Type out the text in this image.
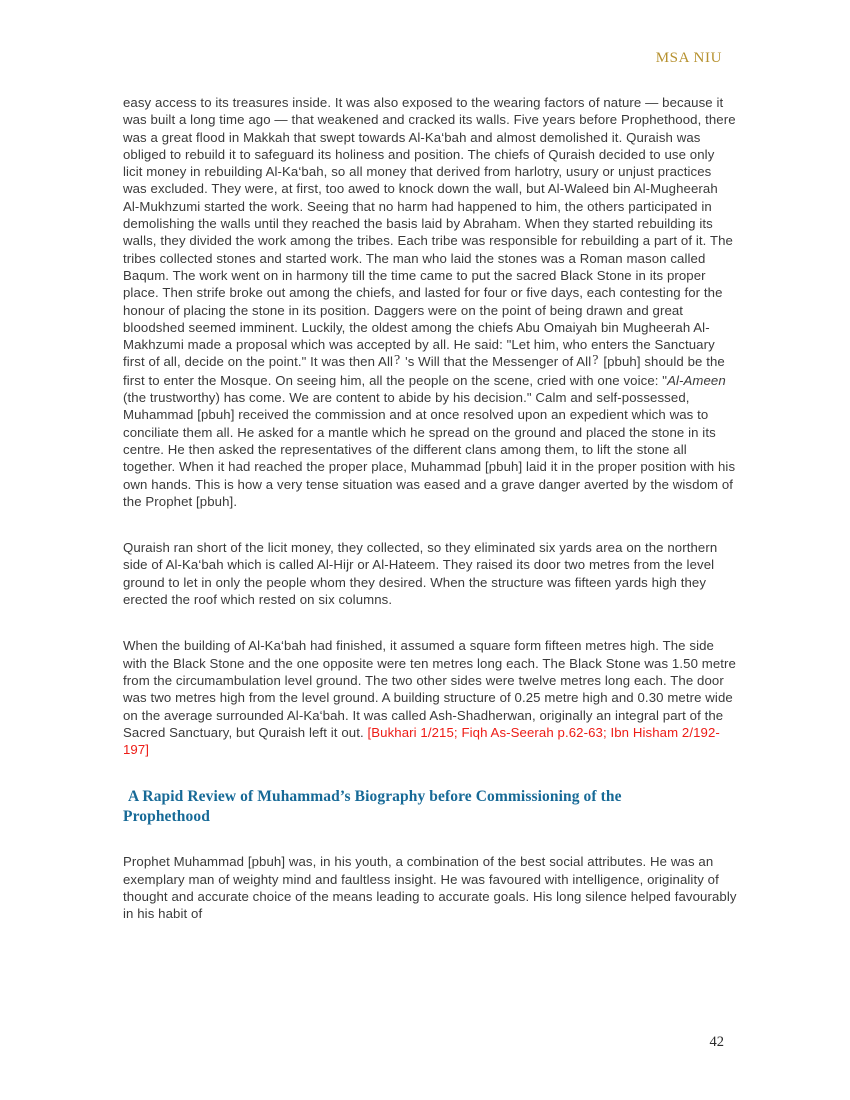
MSA NIU

easy access to its treasures inside. It was also exposed to the wearing factors of nature — because it was built a long time ago — that weakened and cracked its walls. Five years before Prophethood, there was a great flood in Makkah that swept towards Al-Ka‘bah and almost demolished it. Quraish was obliged to rebuild it to safeguard its holiness and position. The chiefs of Quraish decided to use only licit money in rebuilding Al-Ka‘bah, so all money that derived from harlotry, usury or unjust practices was excluded. They were, at first, too awed to knock down the wall, but Al-Waleed bin Al-Mugheerah Al-Mukhzumi started the work. Seeing that no harm had happened to him, the others participated in demolishing the walls until they reached the basis laid by Abraham. When they started rebuilding its walls, they divided the work among the tribes. Each tribe was responsible for rebuilding a part of it. The tribes collected stones and started work. The man who laid the stones was a Roman mason called Baqum. The work went on in harmony till the time came to put the sacred Black Stone in its proper place. Then strife broke out among the chiefs, and lasted for four or five days, each contesting for the honour of placing the stone in its position. Daggers were on the point of being drawn and great bloodshed seemed imminent. Luckily, the oldest among the chiefs Abu Omaiyah bin Mugheerah Al-Makhzumi made a proposal which was accepted by all. He said: "Let him, who enters the Sanctuary first of all, decide on the point." It was then All? 's Will that the Messenger of All? [pbuh] should be the first to enter the Mosque. On seeing him, all the people on the scene, cried with one voice: "Al-Ameen (the trustworthy) has come. We are content to abide by his decision." Calm and self-possessed, Muhammad [pbuh] received the commission and at once resolved upon an expedient which was to conciliate them all. He asked for a mantle which he spread on the ground and placed the stone in its centre. He then asked the representatives of the different clans among them, to lift the stone all together. When it had reached the proper place, Muhammad [pbuh] laid it in the proper position with his own hands. This is how a very tense situation was eased and a grave danger averted by the wisdom of the Prophet [pbuh].

Quraish ran short of the licit money, they collected, so they eliminated six yards area on the northern side of Al-Ka‘bah which is called Al-Hijr or Al-Hateem. They raised its door two metres from the level ground to let in only the people whom they desired. When the structure was fifteen yards high they erected the roof which rested on six columns.

When the building of Al-Ka‘bah had finished, it assumed a square form fifteen metres high. The side with the Black Stone and the one opposite were ten metres long each. The Black Stone was 1.50 metre from the circumambulation level ground. The two other sides were twelve metres long each. The door was two metres high from the level ground. A building structure of 0.25 metre high and 0.30 metre wide on the average surrounded Al-Ka‘bah. It was called Ash-Shadherwan, originally an integral part of the Sacred Sanctuary, but Quraish left it out. [Bukhari 1/215; Fiqh As-Seerah p.62-63; Ibn Hisham 2/192-197]

A Rapid Review of Muhammad’s Biography before Commissioning of the Prophethood

Prophet Muhammad [pbuh] was, in his youth, a combination of the best social attributes. He was an exemplary man of weighty mind and faultless insight. He was favoured with intelligence, originality of thought and accurate choice of the means leading to accurate goals. His long silence helped favourably in his habit of

42
